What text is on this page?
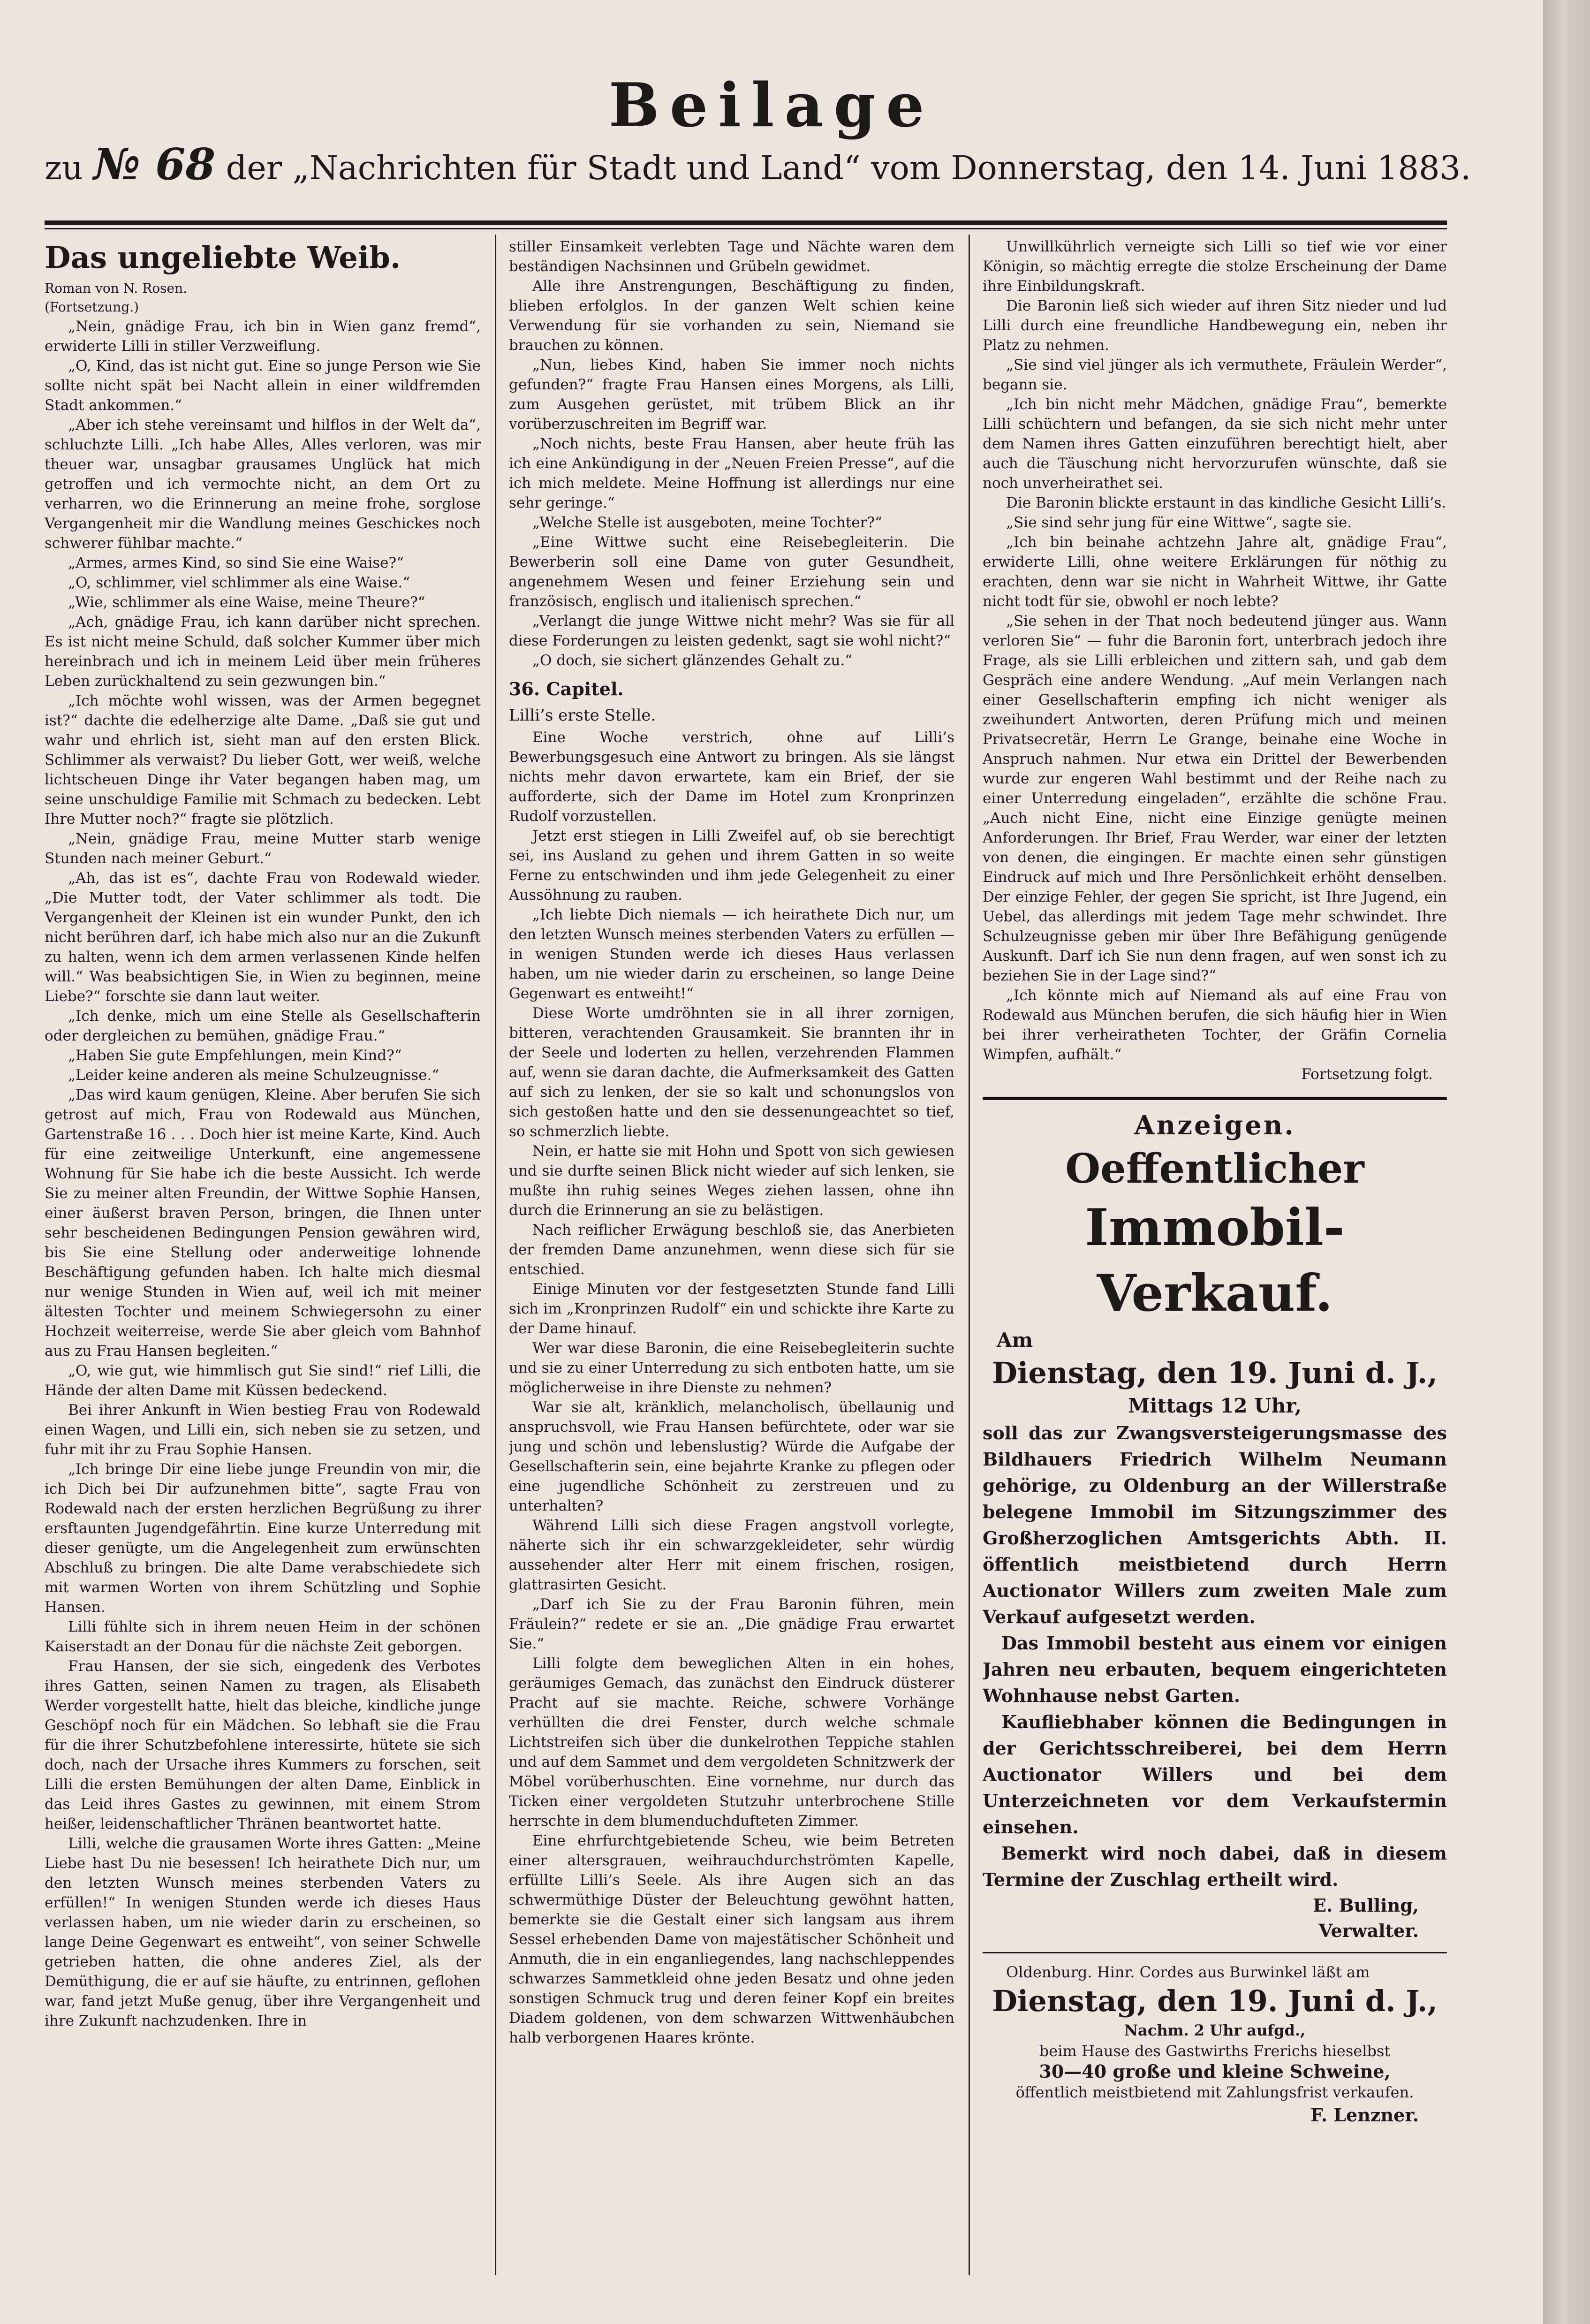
Beilage
zu № 68 der „Nachrichten für Stadt und Land“ vom Donnerstag, den 14. Juni 1883.

Das ungeliebte Weib.

Roman von N. Rosen.

(Fortsetzung.)

„Nein, gnädige Frau, ich bin in Wien ganz fremd“, erwiderte Lilli in stiller Verzweiflung.

„O, Kind, das ist nicht gut. Eine so junge Person wie Sie sollte nicht spät bei Nacht allein in einer wildfremden Stadt ankommen.“

„Aber ich stehe vereinsamt und hilflos in der Welt da“, schluchzte Lilli. „Ich habe Alles, Alles verloren, was mir theuer war, unsagbar grausames Unglück hat mich getroffen und ich vermochte nicht, an dem Ort zu verharren, wo die Erinnerung an meine frohe, sorglose Vergangenheit mir die Wandlung meines Geschickes noch schwerer fühlbar machte.“

„Armes, armes Kind, so sind Sie eine Waise?“

„O, schlimmer, viel schlimmer als eine Waise.“

„Wie, schlimmer als eine Waise, meine Theure?“

„Ach, gnädige Frau, ich kann darüber nicht sprechen. Es ist nicht meine Schuld, daß solcher Kummer über mich hereinbrach und ich in meinem Leid über mein früheres Leben zurückhaltend zu sein gezwungen bin.“

„Ich möchte wohl wissen, was der Armen begegnet ist?“ dachte die edelherzige alte Dame. „Daß sie gut und wahr und ehrlich ist, sieht man auf den ersten Blick. Schlimmer als verwaist? Du lieber Gott, wer weiß, welche lichtscheuen Dinge ihr Vater begangen haben mag, um seine unschuldige Familie mit Schmach zu bedecken. Lebt Ihre Mutter noch?“ fragte sie plötzlich.

„Nein, gnädige Frau, meine Mutter starb wenige Stunden nach meiner Geburt.“

„Ah, das ist es“, dachte Frau von Rodewald wieder. „Die Mutter todt, der Vater schlimmer als todt. Die Vergangenheit der Kleinen ist ein wunder Punkt, den ich nicht berühren darf, ich habe mich also nur an die Zukunft zu halten, wenn ich dem armen verlassenen Kinde helfen will.“ Was beabsichtigen Sie, in Wien zu beginnen, meine Liebe?“ forschte sie dann laut weiter.

„Ich denke, mich um eine Stelle als Gesellschafterin oder dergleichen zu bemühen, gnädige Frau.“

„Haben Sie gute Empfehlungen, mein Kind?“

„Leider keine anderen als meine Schulzeugnisse.“

„Das wird kaum genügen, Kleine. Aber berufen Sie sich getrost auf mich, Frau von Rodewald aus München, Gartenstraße 16 . . . Doch hier ist meine Karte, Kind. Auch für eine zeitweilige Unterkunft, eine angemessene Wohnung für Sie habe ich die beste Aussicht. Ich werde Sie zu meiner alten Freundin, der Wittwe Sophie Hansen, einer äußerst braven Person, bringen, die Ihnen unter sehr bescheidenen Bedingungen Pension gewähren wird, bis Sie eine Stellung oder anderweitige lohnende Beschäftigung gefunden haben. Ich halte mich diesmal nur wenige Stunden in Wien auf, weil ich mit meiner ältesten Tochter und meinem Schwiegersohn zu einer Hochzeit weiterreise, werde Sie aber gleich vom Bahnhof aus zu Frau Hansen begleiten.“

„O, wie gut, wie himmlisch gut Sie sind!“ rief Lilli, die Hände der alten Dame mit Küssen bedeckend.

Bei ihrer Ankunft in Wien bestieg Frau von Rodewald einen Wagen, und Lilli ein, sich neben sie zu setzen, und fuhr mit ihr zu Frau Sophie Hansen.

„Ich bringe Dir eine liebe junge Freundin von mir, die ich Dich bei Dir aufzunehmen bitte“, sagte Frau von Rodewald nach der ersten herzlichen Begrüßung zu ihrer ersftaunten Jugendgefährtin. Eine kurze Unterredung mit dieser genügte, um die Angelegenheit zum erwünschten Abschluß zu bringen. Die alte Dame verabschiedete sich mit warmen Worten von ihrem Schützling und Sophie Hansen.

Lilli fühlte sich in ihrem neuen Heim in der schönen Kaiserstadt an der Donau für die nächste Zeit geborgen.

Frau Hansen, der sie sich, eingedenk des Verbotes ihres Gatten, seinen Namen zu tragen, als Elisabeth Werder vorgestellt hatte, hielt das bleiche, kindliche junge Geschöpf noch für ein Mädchen. So lebhaft sie die Frau für die ihrer Schutzbefohlene interessirte, hütete sie sich doch, nach der Ursache ihres Kummers zu forschen, seit Lilli die ersten Bemühungen der alten Dame, Einblick in das Leid ihres Gastes zu gewinnen, mit einem Strom heißer, leidenschaftlicher Thränen beantwortet hatte.

Lilli, welche die grausamen Worte ihres Gatten: „Meine Liebe hast Du nie besessen! Ich heirathete Dich nur, um den letzten Wunsch meines sterbenden Vaters zu erfüllen!“ In wenigen Stunden werde ich dieses Haus verlassen haben, um nie wieder darin zu erscheinen, so lange Deine Gegenwart es entweiht“, von seiner Schwelle getrieben hatten, die ohne anderes Ziel, als der Demüthigung, die er auf sie häufte, zu entrinnen, geflohen war, fand jetzt Muße genug, über ihre Vergangenheit und ihre Zukunft nachzudenken. Ihre in

stiller Einsamkeit verlebten Tage und Nächte waren dem beständigen Nachsinnen und Grübeln gewidmet.

Alle ihre Anstrengungen, Beschäftigung zu finden, blieben erfolglos. In der ganzen Welt schien keine Verwendung für sie vorhanden zu sein, Niemand sie brauchen zu können.

„Nun, liebes Kind, haben Sie immer noch nichts gefunden?“ fragte Frau Hansen eines Morgens, als Lilli, zum Ausgehen gerüstet, mit trübem Blick an ihr vorüberzuschreiten im Begriff war.

„Noch nichts, beste Frau Hansen, aber heute früh las ich eine Ankündigung in der „Neuen Freien Presse“, auf die ich mich meldete. Meine Hoffnung ist allerdings nur eine sehr geringe.“

„Welche Stelle ist ausgeboten, meine Tochter?“

„Eine Wittwe sucht eine Reisebegleiterin. Die Bewerberin soll eine Dame von guter Gesundheit, angenehmem Wesen und feiner Erziehung sein und französisch, englisch und italienisch sprechen.“

„Verlangt die junge Wittwe nicht mehr? Was sie für all diese Forderungen zu leisten gedenkt, sagt sie wohl nicht?“

„O doch, sie sichert glänzendes Gehalt zu.“

36. Capitel.

Lilli’s erste Stelle.

Eine Woche verstrich, ohne auf Lilli’s Bewerbungsgesuch eine Antwort zu bringen. Als sie längst nichts mehr davon erwartete, kam ein Brief, der sie aufforderte, sich der Dame im Hotel zum Kronprinzen Rudolf vorzustellen.

Jetzt erst stiegen in Lilli Zweifel auf, ob sie berechtigt sei, ins Ausland zu gehen und ihrem Gatten in so weite Ferne zu entschwinden und ihm jede Gelegenheit zu einer Aussöhnung zu rauben.

„Ich liebte Dich niemals — ich heirathete Dich nur, um den letzten Wunsch meines sterbenden Vaters zu erfüllen — in wenigen Stunden werde ich dieses Haus verlassen haben, um nie wieder darin zu erscheinen, so lange Deine Gegenwart es entweiht!“

Diese Worte umdröhnten sie in all ihrer zornigen, bitteren, verachtenden Grausamkeit. Sie brannten ihr in der Seele und loderten zu hellen, verzehrenden Flammen auf, wenn sie daran dachte, die Aufmerksamkeit des Gatten auf sich zu lenken, der sie so kalt und schonungslos von sich gestoßen hatte und den sie dessenungeachtet so tief, so schmerzlich liebte.

Nein, er hatte sie mit Hohn und Spott von sich gewiesen und sie durfte seinen Blick nicht wieder auf sich lenken, sie mußte ihn ruhig seines Weges ziehen lassen, ohne ihn durch die Erinnerung an sie zu belästigen.

Nach reiflicher Erwägung beschloß sie, das Anerbieten der fremden Dame anzunehmen, wenn diese sich für sie entschied.

Einige Minuten vor der festgesetzten Stunde fand Lilli sich im „Kronprinzen Rudolf“ ein und schickte ihre Karte zu der Dame hinauf.

Wer war diese Baronin, die eine Reisebegleiterin suchte und sie zu einer Unterredung zu sich entboten hatte, um sie möglicherweise in ihre Dienste zu nehmen?

War sie alt, kränklich, melancholisch, übellaunig und anspruchsvoll, wie Frau Hansen befürchtete, oder war sie jung und schön und lebenslustig? Würde die Aufgabe der Gesellschafterin sein, eine bejahrte Kranke zu pflegen oder eine jugendliche Schönheit zu zerstreuen und zu unterhalten?

Während Lilli sich diese Fragen angstvoll vorlegte, näherte sich ihr ein schwarzgekleideter, sehr würdig aussehender alter Herr mit einem frischen, rosigen, glattrasirten Gesicht.

„Darf ich Sie zu der Frau Baronin führen, mein Fräulein?“ redete er sie an. „Die gnädige Frau erwartet Sie.“

Lilli folgte dem beweglichen Alten in ein hohes, geräumiges Gemach, das zunächst den Eindruck düsterer Pracht auf sie machte. Reiche, schwere Vorhänge verhüllten die drei Fenster, durch welche schmale Lichtstreifen sich über die dunkelrothen Teppiche stahlen und auf dem Sammet und dem vergoldeten Schnitzwerk der Möbel vorüberhuschten. Eine vornehme, nur durch das Ticken einer vergoldeten Stutzuhr unterbrochene Stille herrschte in dem blumenduchdufteten Zimmer.

Eine ehrfurchtgebietende Scheu, wie beim Betreten einer altersgrauen, weihrauchdurchströmten Kapelle, erfüllte Lilli’s Seele. Als ihre Augen sich an das schwermüthige Düster der Beleuchtung gewöhnt hatten, bemerkte sie die Gestalt einer sich langsam aus ihrem Sessel erhebenden Dame von majestätischer Schönheit und Anmuth, die in ein enganliegendes, lang nachschleppendes schwarzes Sammetkleid ohne jeden Besatz und ohne jeden sonstigen Schmuck trug und deren feiner Kopf ein breites Diadem goldenen, von dem schwarzen Wittwenhäubchen halb verborgenen Haares krönte.

Unwillkührlich verneigte sich Lilli so tief wie vor einer Königin, so mächtig erregte die stolze Erscheinung der Dame ihre Einbildungskraft.

Die Baronin ließ sich wieder auf ihren Sitz nieder und lud Lilli durch eine freundliche Handbewegung ein, neben ihr Platz zu nehmen.

„Sie sind viel jünger als ich vermuthete, Fräulein Werder“, begann sie.

„Ich bin nicht mehr Mädchen, gnädige Frau“, bemerkte Lilli schüchtern und befangen, da sie sich nicht mehr unter dem Namen ihres Gatten einzuführen berechtigt hielt, aber auch die Täuschung nicht hervorzurufen wünschte, daß sie noch unverheirathet sei.

Die Baronin blickte erstaunt in das kindliche Gesicht Lilli’s.

„Sie sind sehr jung für eine Wittwe“, sagte sie.

„Ich bin beinahe achtzehn Jahre alt, gnädige Frau“, erwiderte Lilli, ohne weitere Erklärungen für nöthig zu erachten, denn war sie nicht in Wahrheit Wittwe, ihr Gatte nicht todt für sie, obwohl er noch lebte?

„Sie sehen in der That noch bedeutend jünger aus. Wann verloren Sie“ — fuhr die Baronin fort, unterbrach jedoch ihre Frage, als sie Lilli erbleichen und zittern sah, und gab dem Gespräch eine andere Wendung. „Auf mein Verlangen nach einer Gesellschafterin empfing ich nicht weniger als zweihundert Antworten, deren Prüfung mich und meinen Privatsecretär, Herrn Le Grange, beinahe eine Woche in Anspruch nahmen. Nur etwa ein Drittel der Bewerbenden wurde zur engeren Wahl bestimmt und der Reihe nach zu einer Unterredung eingeladen“, erzählte die schöne Frau. „Auch nicht Eine, nicht eine Einzige genügte meinen Anforderungen. Ihr Brief, Frau Werder, war einer der letzten von denen, die eingingen. Er machte einen sehr günstigen Eindruck auf mich und Ihre Persönlichkeit erhöht denselben. Der einzige Fehler, der gegen Sie spricht, ist Ihre Jugend, ein Uebel, das allerdings mit jedem Tage mehr schwindet. Ihre Schulzeugnisse geben mir über Ihre Befähigung genügende Auskunft. Darf ich Sie nun denn fragen, auf wen sonst ich zu beziehen Sie in der Lage sind?“

„Ich könnte mich auf Niemand als auf eine Frau von Rodewald aus München berufen, die sich häufig hier in Wien bei ihrer verheiratheten Tochter, der Gräfin Cornelia Wimpfen, aufhält.“

Fortsetzung folgt.

Anzeigen.
Oeffentlicher
Immobil-Verkauf.
Am
Dienstag, den 19. Juni d. J.,
Mittags 12 Uhr,

soll das zur Zwangsversteigerungsmasse des Bildhauers Friedrich Wilhelm Neumann gehörige, zu Oldenburg an der Willerstraße belegene Immobil im Sitzungszimmer des Großherzoglichen Amtsgerichts Abth. II. öffentlich meistbietend durch Herrn Auctionator Willers zum zweiten Male zum Verkauf aufgesetzt werden.

Das Immobil besteht aus einem vor einigen Jahren neu erbauten, bequem eingerichteten Wohnhause nebst Garten.

Kaufliebhaber können die Bedingungen in der Gerichtsschreiberei, bei dem Herrn Auctionator Willers und bei dem Unterzeichneten vor dem Verkaufstermin einsehen.

Bemerkt wird noch dabei, daß in diesem Termine der Zuschlag ertheilt wird.

E. Bulling,
Verwalter.

Oldenburg. Hinr. Cordes aus Burwinkel läßt am

Dienstag, den 19. Juni d. J.,

Nachm. 2 Uhr aufgd.,

beim Hause des Gastwirths Frerichs hieselbst

30—40 große und kleine Schweine,

öffentlich meistbietend mit Zahlungsfrist verkaufen.

F. Lenzner.
